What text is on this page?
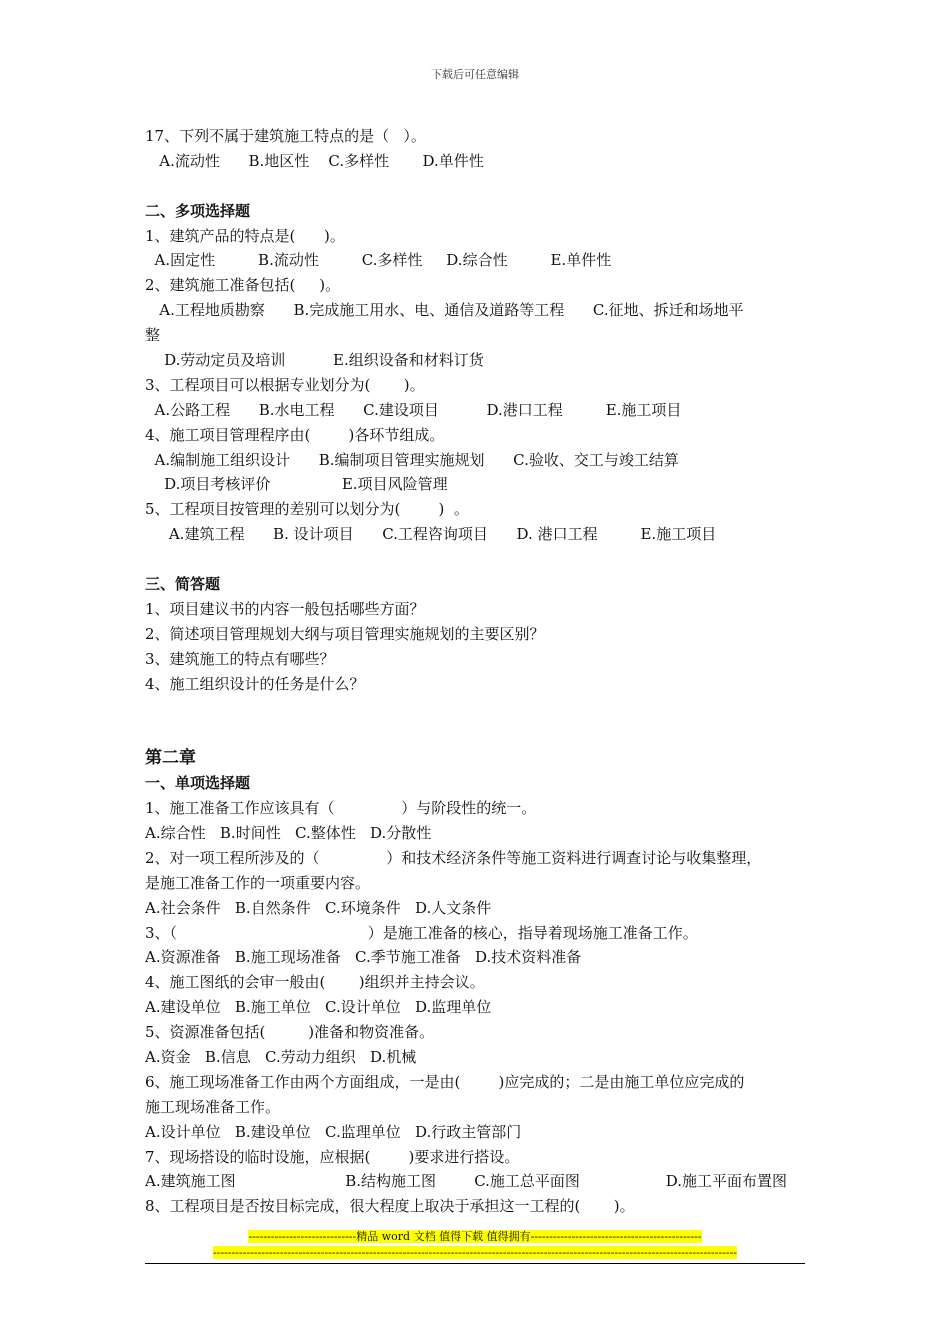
下载后可任意编辑
17、下列不属于建筑施工特点的是（   ）。
A.流动性      B.地区性    C.多样性       D.单件性
二、多项选择题
1、建筑产品的特点是(      )。
A.固定性         B.流动性         C.多样性     D.综合性         E.单件性
2、建筑施工准备包括(     )。
A.工程地质勘察      B.完成施工用水、电、通信及道路等工程      C.征地、拆迁和场地平
整
D.劳动定员及培训          E.组织设备和材料订货
3、工程项目可以根据专业划分为(       )。
A.公路工程      B.水电工程      C.建设项目          D.港口工程         E.施工项目
4、施工项目管理程序由(        )各环节组成。
A.编制施工组织设计      B.编制项目管理实施规划      C.验收、交工与竣工结算
D.项目考核评价               E.项目风险管理
5、工程项目按管理的差别可以划分为(        )  。
A.建筑工程      B. 设计项目      C.工程咨询项目      D. 港口工程         E.施工项目
三、简答题
1、项目建议书的内容一般包括哪些方面？
2、简述项目管理规划大纲与项目管理实施规划的主要区别？
3、建筑施工的特点有哪些？
4、施工组织设计的任务是什么？
第二章
一、单项选择题
1、施工准备工作应该具有（              ）与阶段性的统一。
A.综合性   B.时间性   C.整体性   D.分散性
2、对一项工程所涉及的（              ）和技术经济条件等施工资料进行调查讨论与收集整理，
是施工准备工作的一项重要内容。
A.社会条件   B.自然条件   C.环境条件   D.人文条件
3、（                                        ）是施工准备的核心，指导着现场施工准备工作。
A.资源准备   B.施工现场准备   C.季节施工准备   D.技术资料准备
4、施工图纸的会审一般由(       )组织并主持会议。
A.建设单位   B.施工单位   C.设计单位   D.监理单位
5、资源准备包括(         )准备和物资准备。
A.资金   B.信息   C.劳动力组织   D.机械
6、施工现场准备工作由两个方面组成，一是由(        )应完成的；二是由施工单位应完成的
施工现场准备工作。
A.设计单位   B.建设单位   C.监理单位   D.行政主管部门
7、现场搭设的临时设施，应根据(        )要求进行搭设。
A.建筑施工图                       B.结构施工图        C.施工总平面图                  D.施工平面布置图
8、工程项目是否按目标完成，很大程度上取决于承担这一工程的(       )。
-----------------------------精品 word 文档 值得下载 值得拥有----------------------------------------------
---------------------------------------------------------------------------------------------------------------------------------------------
